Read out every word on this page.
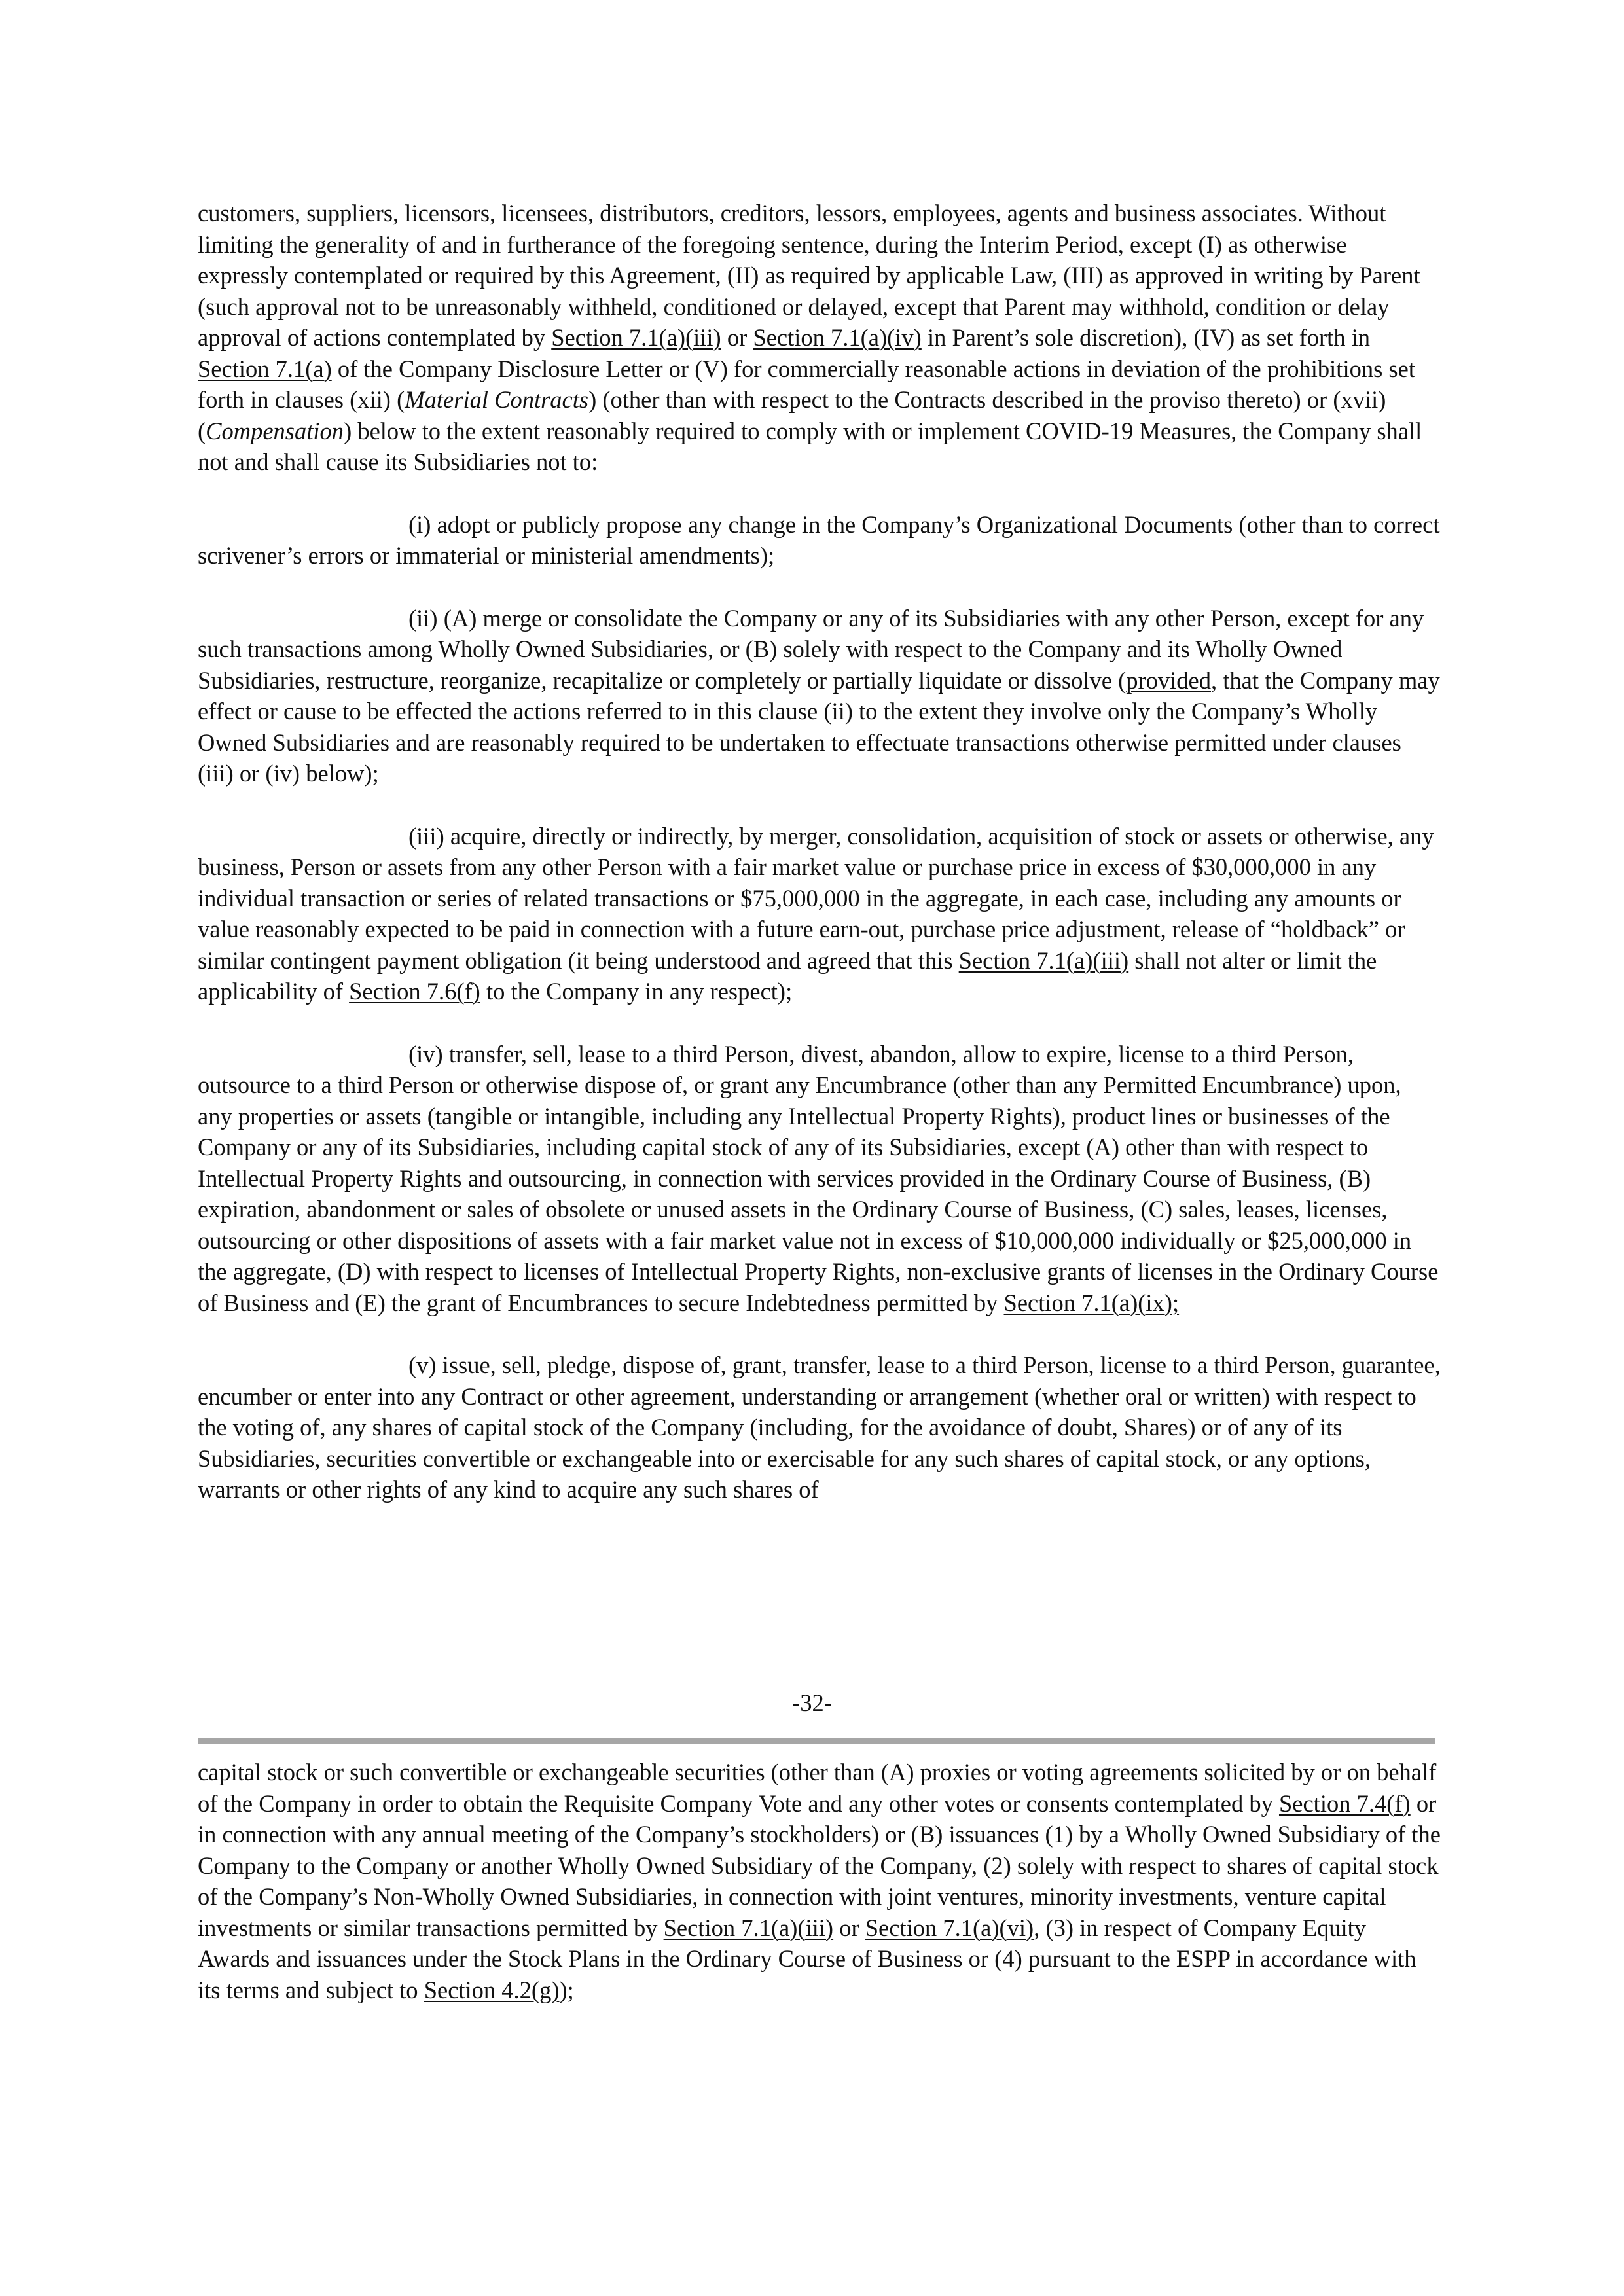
customers, suppliers, licensors, licensees, distributors, creditors, lessors, employees, agents and business associates. Without limiting the generality of and in furtherance of the foregoing sentence, during the Interim Period, except (I) as otherwise expressly contemplated or required by this Agreement, (II) as required by applicable Law, (III) as approved in writing by Parent (such approval not to be unreasonably withheld, conditioned or delayed, except that Parent may withhold, condition or delay approval of actions contemplated by Section 7.1(a)(iii) or Section 7.1(a)(iv) in Parent’s sole discretion), (IV) as set forth in Section 7.1(a) of the Company Disclosure Letter or (V) for commercially reasonable actions in deviation of the prohibitions set forth in clauses (xii) (Material Contracts) (other than with respect to the Contracts described in the proviso thereto) or (xvii) (Compensation) below to the extent reasonably required to comply with or implement COVID-19 Measures, the Company shall not and shall cause its Subsidiaries not to:

(i) adopt or publicly propose any change in the Company’s Organizational Documents (other than to correct scrivener’s errors or immaterial or ministerial amendments);

(ii) (A) merge or consolidate the Company or any of its Subsidiaries with any other Person, except for any such transactions among Wholly Owned Subsidiaries, or (B) solely with respect to the Company and its Wholly Owned Subsidiaries, restructure, reorganize, recapitalize or completely or partially liquidate or dissolve (provided, that the Company may effect or cause to be effected the actions referred to in this clause (ii) to the extent they involve only the Company’s Wholly Owned Subsidiaries and are reasonably required to be undertaken to effectuate transactions otherwise permitted under clauses (iii) or (iv) below);

(iii) acquire, directly or indirectly, by merger, consolidation, acquisition of stock or assets or otherwise, any business, Person or assets from any other Person with a fair market value or purchase price in excess of $30,000,000 in any individual transaction or series of related transactions or $75,000,000 in the aggregate, in each case, including any amounts or value reasonably expected to be paid in connection with a future earn-out, purchase price adjustment, release of “holdback” or similar contingent payment obligation (it being understood and agreed that this Section 7.1(a)(iii) shall not alter or limit the applicability of Section 7.6(f) to the Company in any respect);

(iv) transfer, sell, lease to a third Person, divest, abandon, allow to expire, license to a third Person, outsource to a third Person or otherwise dispose of, or grant any Encumbrance (other than any Permitted Encumbrance) upon, any properties or assets (tangible or intangible, including any Intellectual Property Rights), product lines or businesses of the Company or any of its Subsidiaries, including capital stock of any of its Subsidiaries, except (A) other than with respect to Intellectual Property Rights and outsourcing, in connection with services provided in the Ordinary Course of Business, (B) expiration, abandonment or sales of obsolete or unused assets in the Ordinary Course of Business, (C) sales, leases, licenses, outsourcing or other dispositions of assets with a fair market value not in excess of $10,000,000 individually or $25,000,000 in the aggregate, (D) with respect to licenses of Intellectual Property Rights, non-exclusive grants of licenses in the Ordinary Course of Business and (E) the grant of Encumbrances to secure Indebtedness permitted by Section 7.1(a)(ix);

(v) issue, sell, pledge, dispose of, grant, transfer, lease to a third Person, license to a third Person, guarantee, encumber or enter into any Contract or other agreement, understanding or arrangement (whether oral or written) with respect to the voting of, any shares of capital stock of the Company (including, for the avoidance of doubt, Shares) or of any of its Subsidiaries, securities convertible or exchangeable into or exercisable for any such shares of capital stock, or any options, warrants or other rights of any kind to acquire any such shares of

-32-

capital stock or such convertible or exchangeable securities (other than (A) proxies or voting agreements solicited by or on behalf of the Company in order to obtain the Requisite Company Vote and any other votes or consents contemplated by Section 7.4(f) or in connection with any annual meeting of the Company’s stockholders) or (B) issuances (1) by a Wholly Owned Subsidiary of the Company to the Company or another Wholly Owned Subsidiary of the Company, (2) solely with respect to shares of capital stock of the Company’s Non-Wholly Owned Subsidiaries, in connection with joint ventures, minority investments, venture capital investments or similar transactions permitted by Section 7.1(a)(iii) or Section 7.1(a)(vi), (3) in respect of Company Equity Awards and issuances under the Stock Plans in the Ordinary Course of Business or (4) pursuant to the ESPP in accordance with its terms and subject to Section 4.2(g));
